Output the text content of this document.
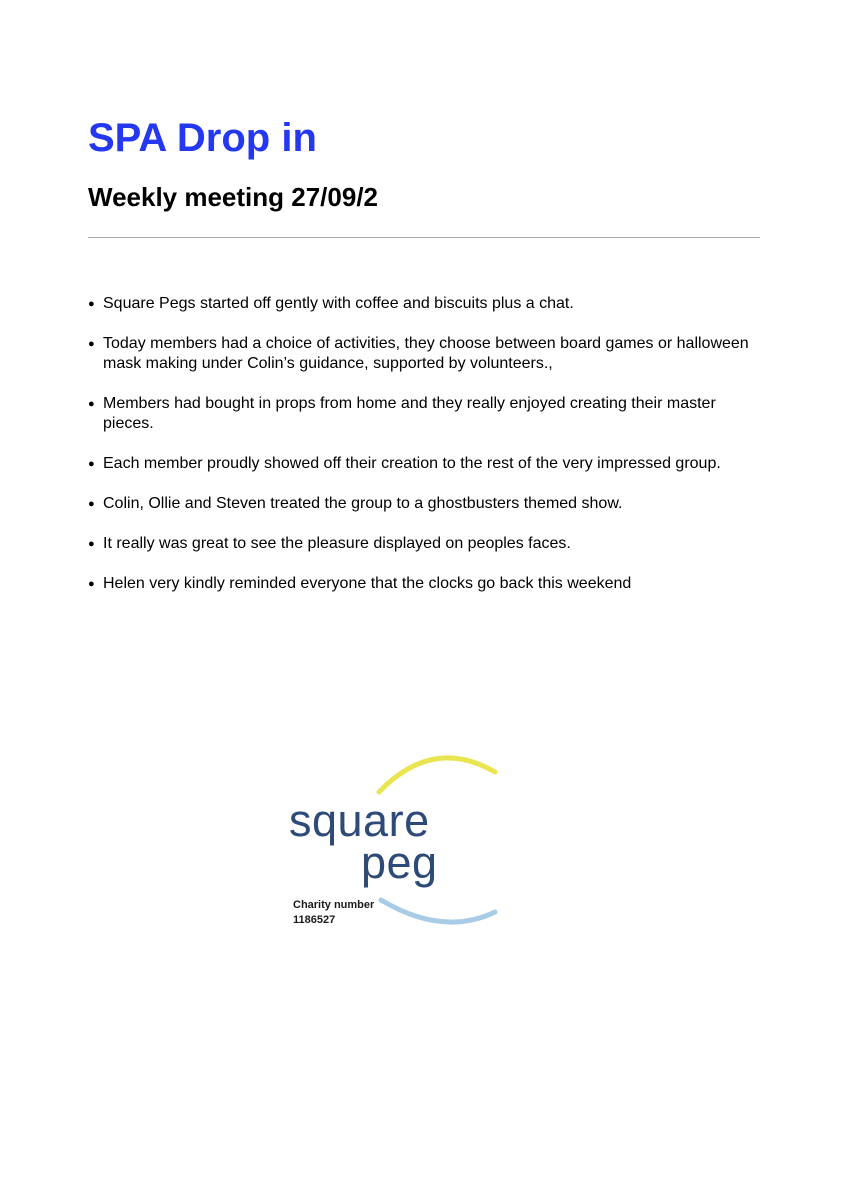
SPA Drop in
Weekly meeting 27/09/2
● Square Pegs started off gently with coffee and biscuits plus a chat.
● Today members had a choice of activities, they choose between board games or halloween mask making under Colin’s guidance, supported by volunteers.,
● Members had bought in props from home and they really enjoyed creating their master pieces.
● Each member proudly showed off their creation to the rest of the very impressed group.
● Colin, Ollie and Steven treated the group to a ghostbusters themed show.
● It really was great to see the pleasure displayed on peoples faces.
● Helen very kindly reminded everyone that the clocks go back this weekend
square
peg
Charity number
1186527
